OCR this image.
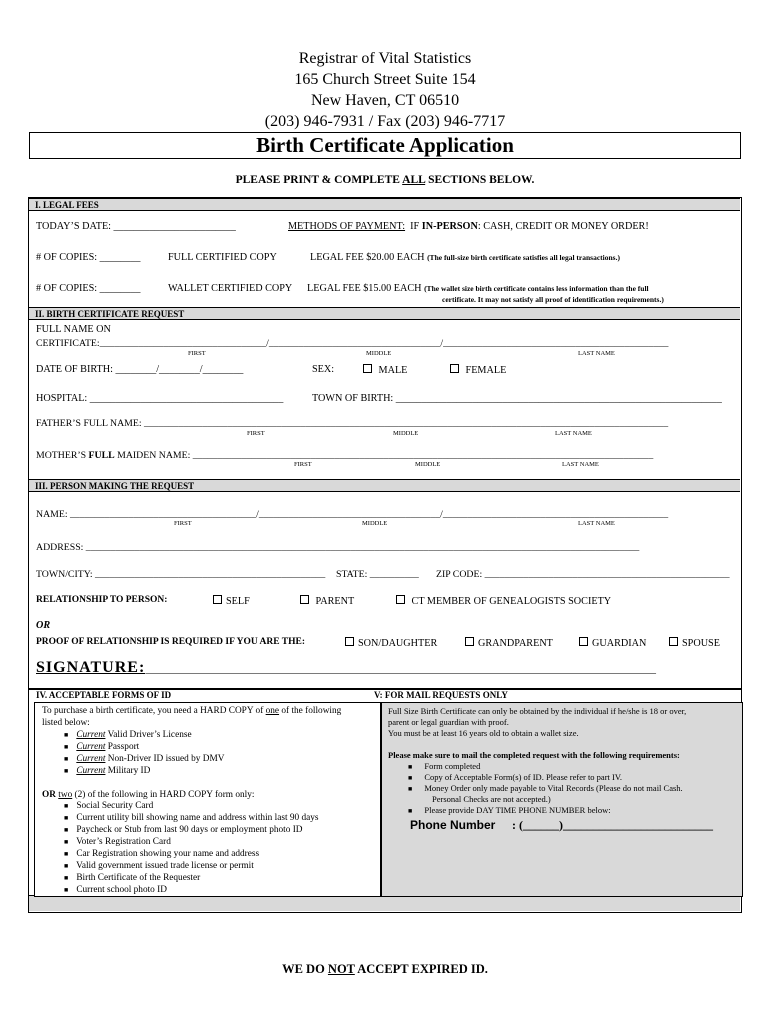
Registrar of Vital Statistics
165 Church Street Suite 154
New Haven, CT 06510
(203) 946-7931 / Fax (203) 946-7717
Birth Certificate Application
PLEASE PRINT & COMPLETE ALL SECTIONS BELOW.
I. LEGAL FEES
TODAY’S DATE: ________________________	METHODS OF PAYMENT: IF IN-PERSON: CASH, CREDIT OR MONEY ORDER!
# OF COPIES: ________	FULL CERTIFIED COPY	LEGAL FEE $20.00 EACH (The full-size birth certificate satisfies all legal transactions.)
# OF COPIES: ________	WALLET CERTIFIED COPY LEGAL FEE $15.00 EACH (The wallet size birth certificate contains less information than the full
certificate. It may not satisfy all proof of identification requirements.)
II. BIRTH CERTIFICATE REQUEST
FULL NAME ON
CERTIFICATE:__________________________________/___________________________________/______________________________________________
FIRST	MIDDLE	LAST NAME
DATE OF BIRTH: ________/________/________	SEX:	MALE	FEMALE
HOSPITAL: ______________________________________	TOWN OF BIRTH: ________________________________________________________________
FATHER’S FULL NAME: ___________________________________________________________________________________________________________
FIRST	MIDDLE	LAST NAME
MOTHER’S FULL MAIDEN NAME: ______________________________________________________________________________________________
FIRST	MIDDLE	LAST NAME
III. PERSON MAKING THE REQUEST
NAME: ______________________________________/_____________________________________/______________________________________________
FIRST	MIDDLE	LAST NAME
ADDRESS: _________________________________________________________________________________________________________________
TOWN/CITY: _______________________________________________ STATE: __________ ZIP CODE: __________________________________________________
RELATIONSHIP TO PERSON:	SELF	PARENT	CT MEMBER OF GENEALOGISTS SOCIETY
OR
PROOF OF RELATIONSHIP IS REQUIRED IF YOU ARE THE:	SON/DAUGHTER	GRANDPARENT	GUARDIAN	SPOUSE
SIGNATURE: ______________________________________________________________________________________________________
IV. ACCEPTABLE FORMS OF ID	V: FOR MAIL REQUESTS ONLY
To purchase a birth certificate, you need a HARD COPY of one of the following
listed below:
■ Current Valid Driver’s License
■ Current Passport
■ Current Non-Driver ID issued by DMV
■ Current Military ID
OR two (2) of the following in HARD COPY form only:
■ Social Security Card
■ Current utility bill showing name and address within last 90 days
■ Paycheck or Stub from last 90 days or employment photo ID
■ Voter’s Registration Card
■ Car Registration showing your name and address
■ Valid government issued trade license or permit
■ Birth Certificate of the Requester
■ Current school photo ID
Full Size Birth Certificate can only be obtained by the individual if he/she is 18 or over,
parent or legal guardian with proof.
You must be at least 16 years old to obtain a wallet size.
Please make sure to mail the completed request with the following requirements:
■ Form completed
■ Copy of Acceptable Form(s) of ID. Please refer to part IV.
■ Money Order only made payable to Vital Records (Please do not mail Cash.
Personal Checks are not accepted.)
■ Please provide DAY TIME PHONE NUMBER below:
Phone Number : (______)_________________________
WE DO NOT ACCEPT EXPIRED ID.
